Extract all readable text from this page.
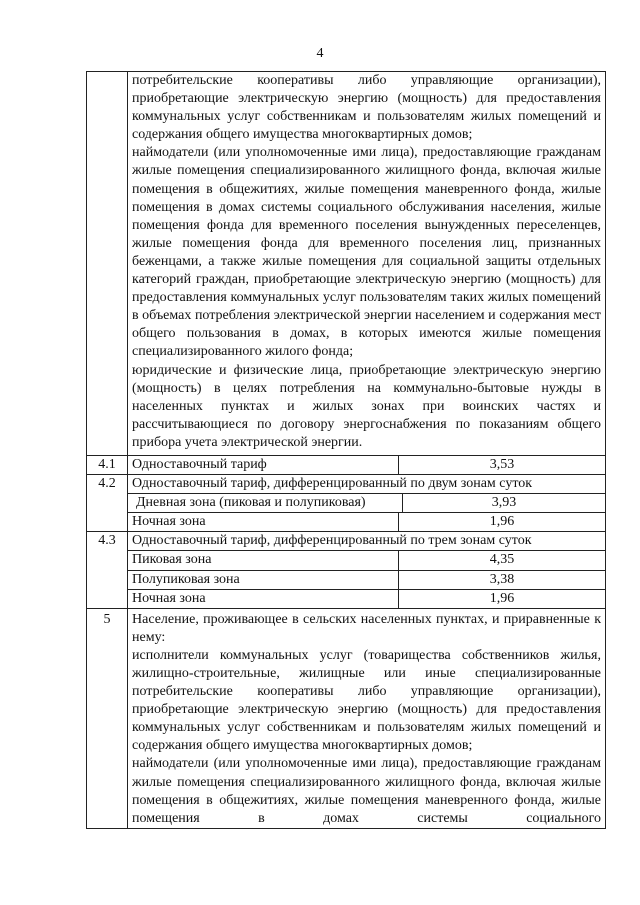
4
потребительские кооперативы либо управляющие организации), приобретающие электрическую энергию (мощность) для предоставления коммунальных услуг собственникам и пользователям жилых помещений и содержания общего имущества многоквартирных домов;
наймодатели (или уполномоченные ими лица), предоставляющие гражданам жилые помещения специализированного жилищного фонда, включая жилые помещения в общежитиях, жилые помещения маневренного фонда, жилые помещения в домах системы социального обслуживания населения, жилые помещения фонда для временного поселения вынужденных переселенцев, жилые помещения фонда для временного поселения лиц, признанных беженцами, а также жилые помещения для социальной защиты отдельных категорий граждан, приобретающие электрическую энергию (мощность) для предоставления коммунальных услуг пользователям таких жилых помещений в объемах потребления электрической энергии населением и содержания мест общего пользования в домах, в которых имеются жилые помещения специализированного жилого фонда;
юридические и физические лица, приобретающие электрическую энергию (мощность) в целях потребления на коммунально-бытовые нужды в населенных пунктах и жилых зонах при воинских частях и рассчитывающиеся по договору энергоснабжения по показаниям общего прибора учета электрической энергии.
4.1	Одноставочный тариф	3,53
4.2	Одноставочный тариф, дифференцированный по двум зонам суток
Дневная зона (пиковая и полупиковая)	3,93
Ночная зона	1,96
4.3	Одноставочный тариф, дифференцированный по трем зонам суток
Пиковая зона	4,35
Полупиковая зона	3,38
Ночная зона	1,96
5	Население, проживающее в сельских населенных пунктах, и приравненные к нему:
исполнители коммунальных услуг (товарищества собственников жилья, жилищно-строительные, жилищные или иные специализированные потребительские кооперативы либо управляющие организации), приобретающие электрическую энергию (мощность) для предоставления коммунальных услуг собственникам и пользователям жилых помещений и содержания общего имущества многоквартирных домов;
наймодатели (или уполномоченные ими лица), предоставляющие гражданам жилые помещения специализированного жилищного фонда, включая жилые помещения в общежитиях, жилые помещения маневренного фонда, жилые помещения в домах системы социального
